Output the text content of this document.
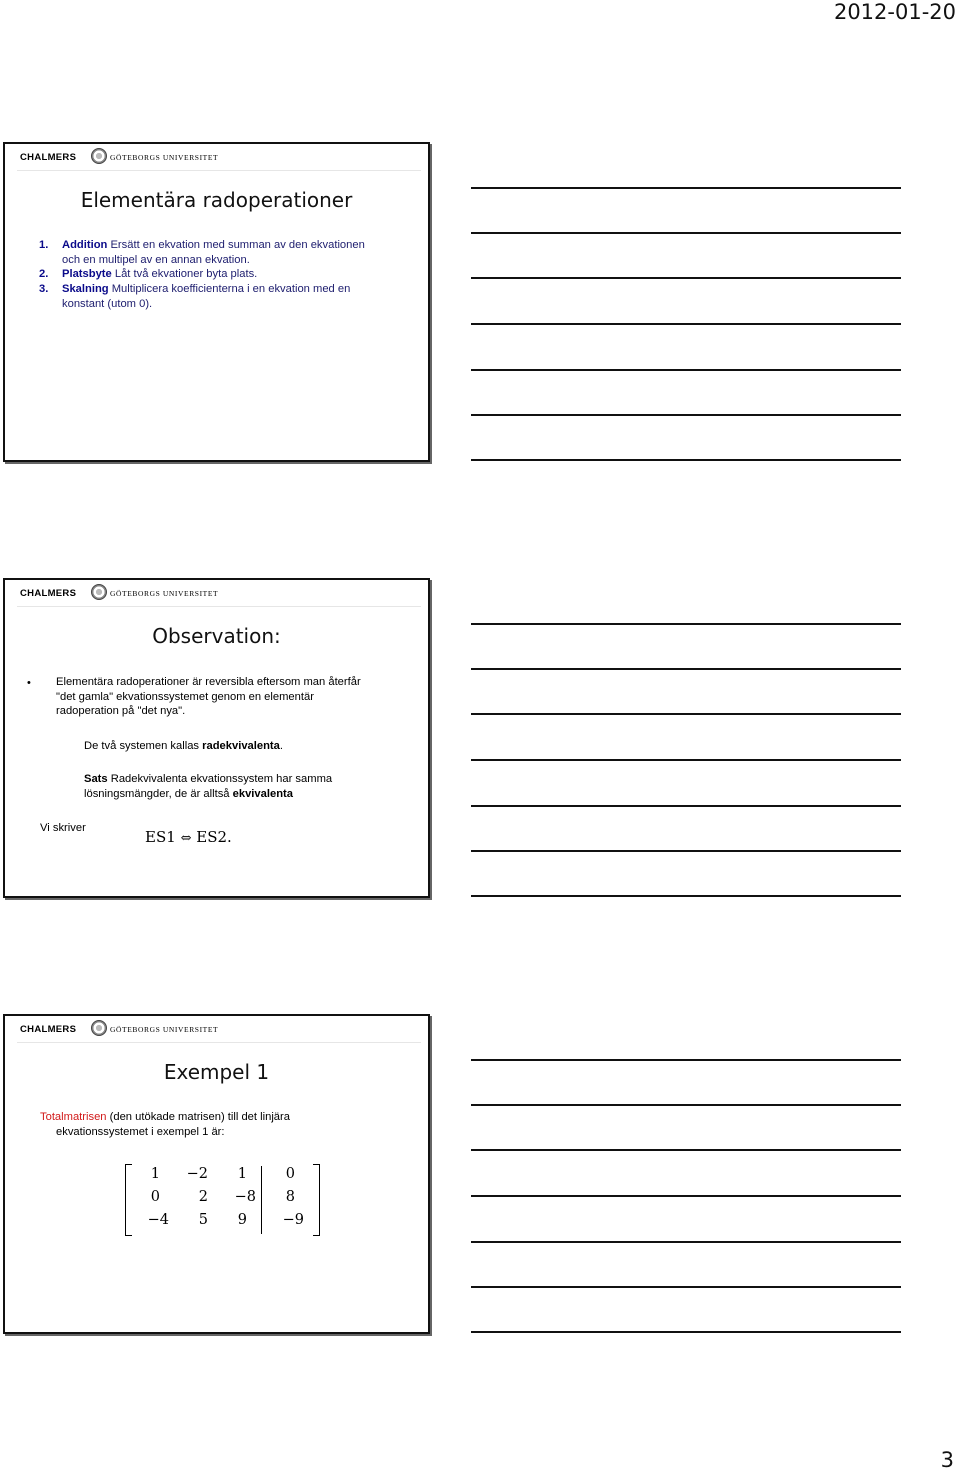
2012-01-20
CHALMERS	GÖTEBORGS UNIVERSITET
Elementära radoperationer
1. Addition Ersätt en ekvation med summan av den ekvationen
och en multipel av en annan ekvation.
2. Platsbyte Låt två ekvationer byta plats.
3. Skalning Multiplicera koefficienterna i en ekvation med en
konstant (utom 0).
CHALMERS	GÖTEBORGS UNIVERSITET
Observation:
• Elementära radoperationer är reversibla eftersom man återfår
"det gamla" ekvationssystemet genom en elementär
radoperation på "det nya".
De två systemen kallas radekvivalenta.
Sats Radekvivalenta ekvationssystem har samma
lösningsmängder, de är alltså ekvivalenta
Vi skriver	ES1 ⇔ ES2.
CHALMERS	GÖTEBORGS UNIVERSITET
Exempel 1
Totalmatrisen (den utökade matrisen) till det linjära
ekvationssystemet i exempel 1 är:
1	−2	1	0
0	2	−8	8
−4	5	9	−9
3
